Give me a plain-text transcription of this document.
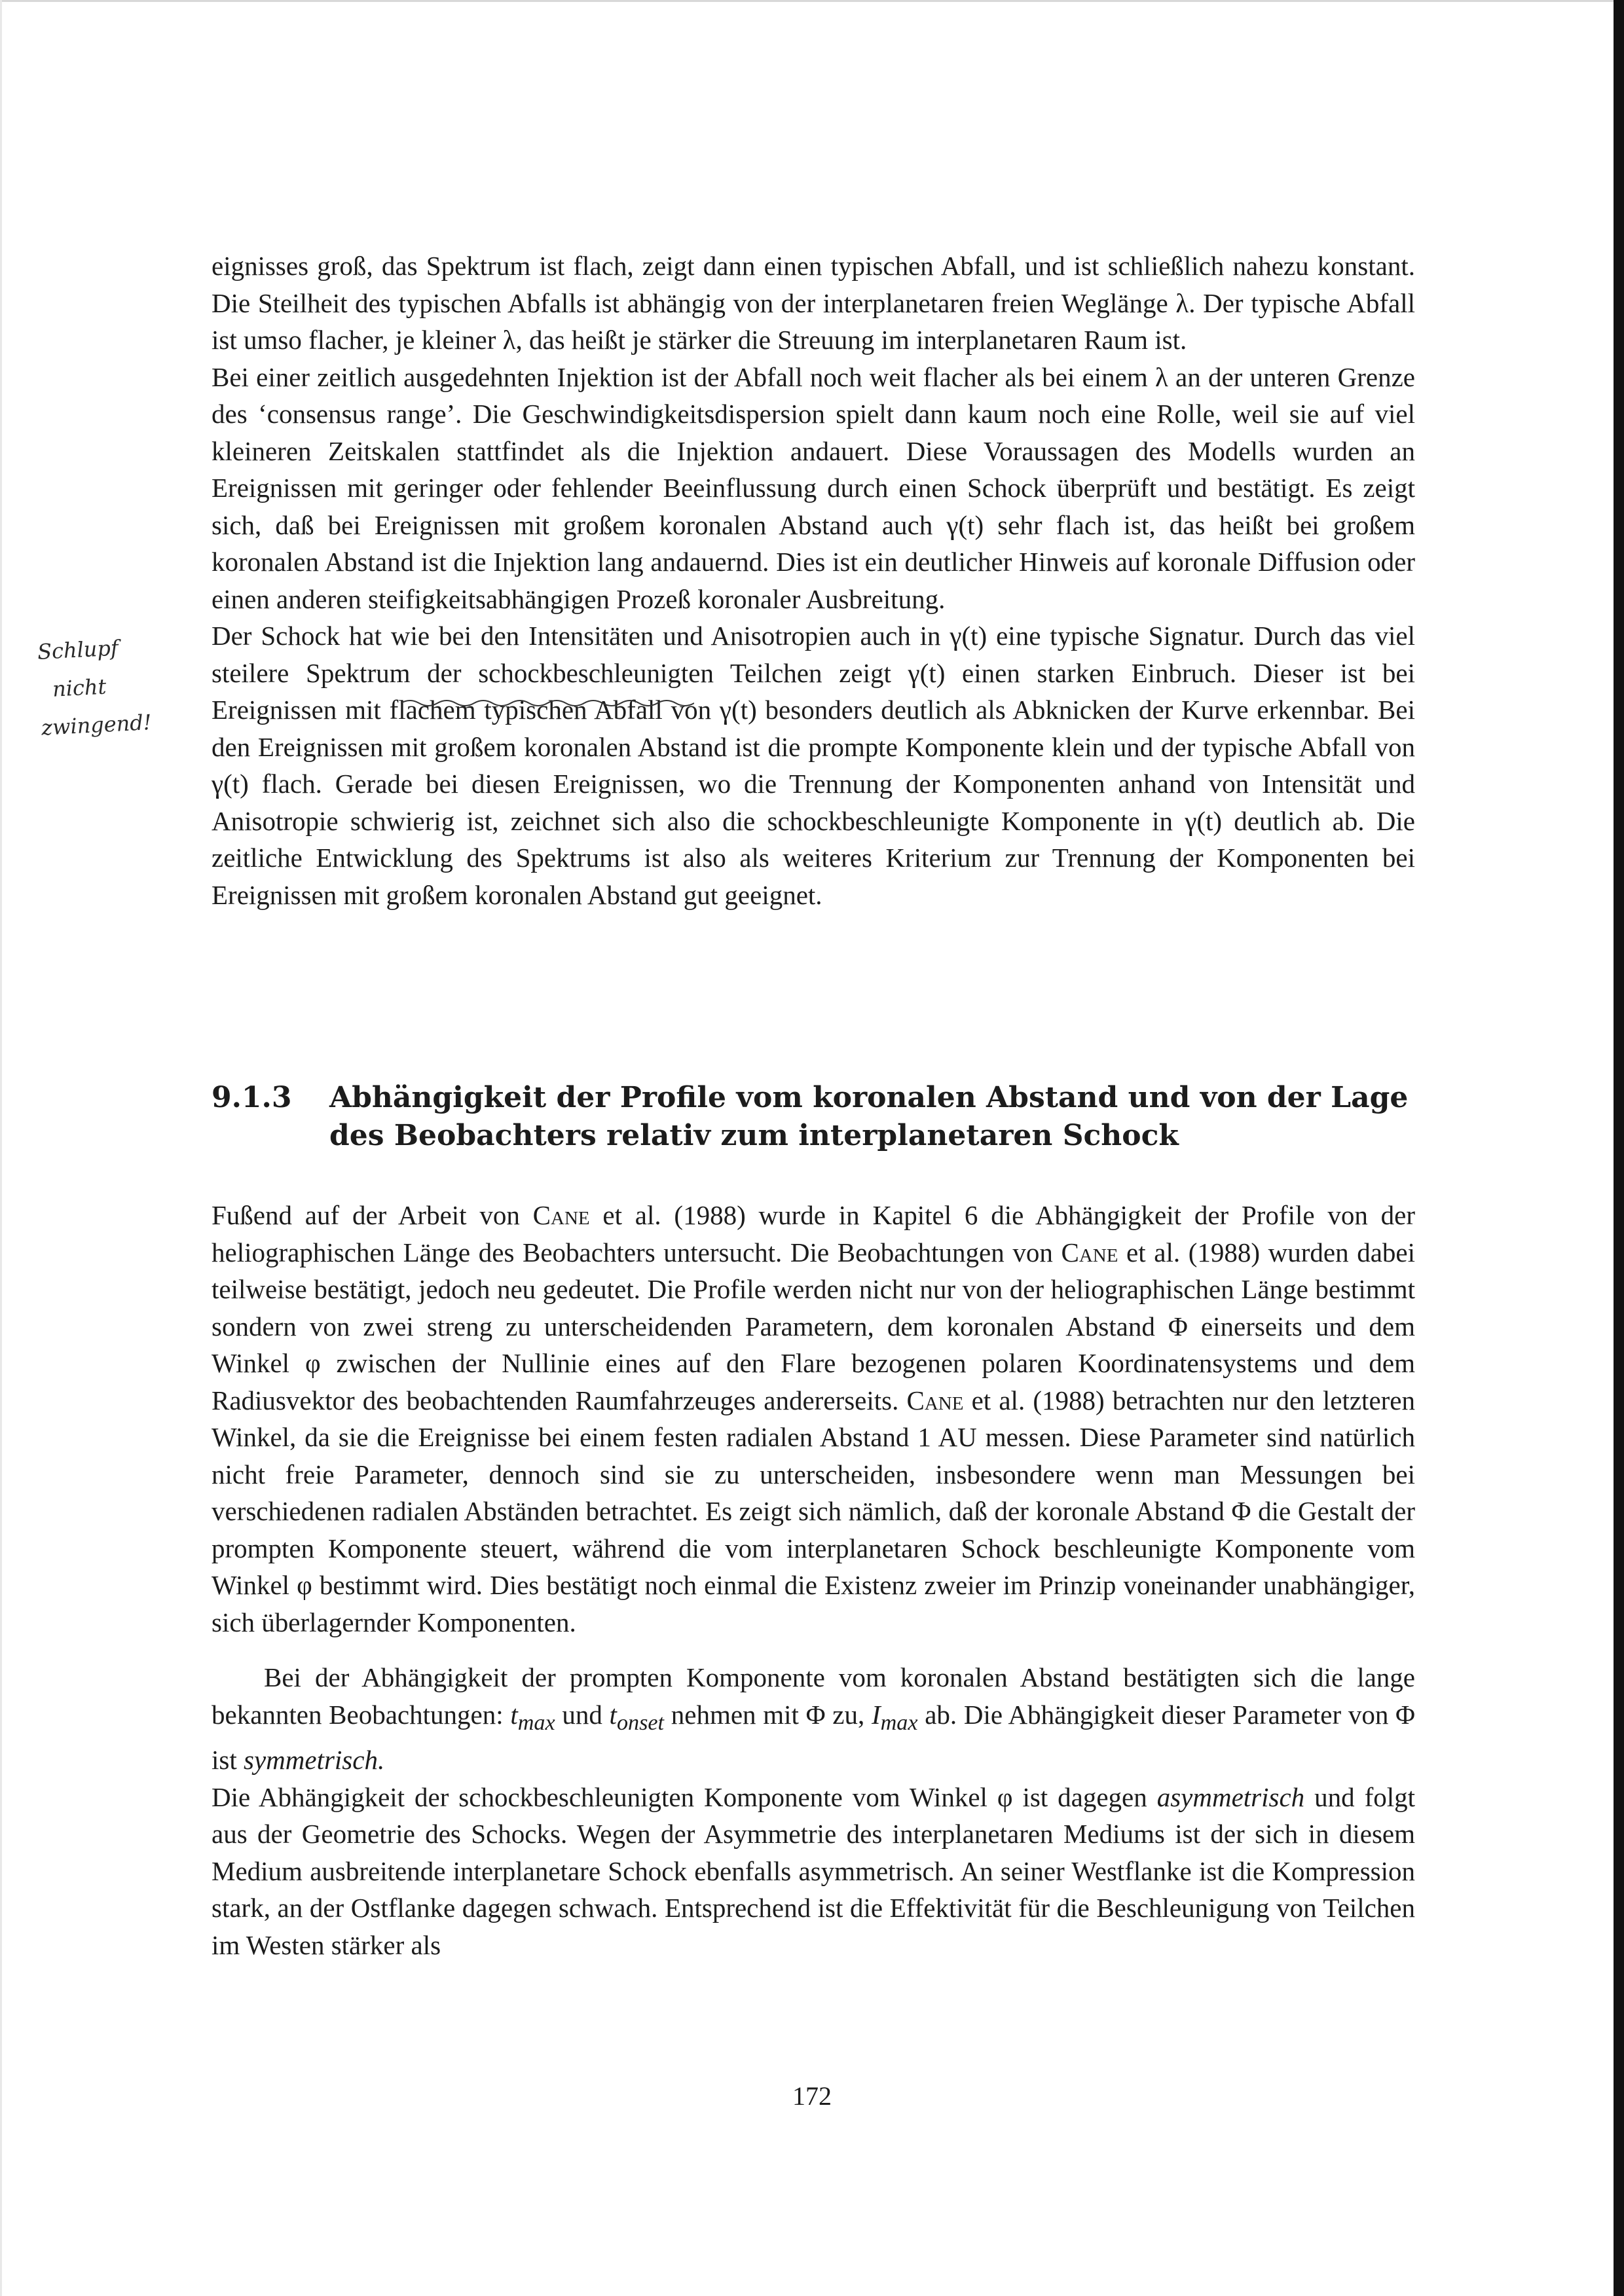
eignisses groß, das Spektrum ist flach, zeigt dann einen typischen Abfall, und ist schließlich nahezu konstant. Die Steilheit des typischen Abfalls ist abhängig von der interplanetaren freien Weglänge λ. Der typische Abfall ist umso flacher, je kleiner λ, das heißt je stärker die Streuung im interplanetaren Raum ist.

Bei einer zeitlich ausgedehnten Injektion ist der Abfall noch weit flacher als bei einem λ an der unteren Grenze des ‘consensus range’. Die Geschwindigkeitsdispersion spielt dann kaum noch eine Rolle, weil sie auf viel kleineren Zeitskalen stattfindet als die Injektion andauert. Diese Voraussagen des Modells wurden an Ereignissen mit geringer oder fehlender Beeinflussung durch einen Schock überprüft und bestätigt. Es zeigt sich, daß bei Ereignissen mit großem koronalen Abstand auch γ(t) sehr flach ist, das heißt bei großem koronalen Abstand ist die Injektion lang andauernd. Dies ist ein deutlicher Hinweis auf koronale Diffusion oder einen anderen steifigkeitsabhängigen Prozeß koronaler Ausbreitung.

Der Schock hat wie bei den Intensitäten und Anisotropien auch in γ(t) eine typische Signatur. Durch das viel steilere Spektrum der schockbeschleunigten Teilchen zeigt γ(t) einen starken Einbruch. Dieser ist bei Ereignissen mit flachem typischen Abfall von γ(t) besonders deutlich als Abknicken der Kurve erkennbar. Bei den Ereignissen mit großem koronalen Abstand ist die prompte Komponente klein und der typische Abfall von γ(t) flach. Gerade bei diesen Ereignissen, wo die Trennung der Komponenten anhand von Intensität und Anisotropie schwierig ist, zeichnet sich also die schockbeschleunigte Komponente in γ(t) deutlich ab. Die zeitliche Entwicklung des Spektrums ist also als weiteres Kriterium zur Trennung der Komponenten bei Ereignissen mit großem koronalen Abstand gut geeignet.

Schlupf
nicht
zwingend!
9.1.3 Abhängigkeit der Profile vom koronalen Abstand und von der Lage des Beobachters relativ zum interplanetaren Schock

Fußend auf der Arbeit von Cane et al. (1988) wurde in Kapitel 6 die Abhängigkeit der Profile von der heliographischen Länge des Beobachters untersucht. Die Beobachtungen von Cane et al. (1988) wurden dabei teilweise bestätigt, jedoch neu gedeutet. Die Profile werden nicht nur von der heliographischen Länge bestimmt sondern von zwei streng zu unterscheidenden Parametern, dem koronalen Abstand Φ einerseits und dem Winkel φ zwischen der Nullinie eines auf den Flare bezogenen polaren Koordinatensystems und dem Radiusvektor des beobachtenden Raumfahrzeuges andererseits. Cane et al. (1988) betrachten nur den letzteren Winkel, da sie die Ereignisse bei einem festen radialen Abstand 1 AU messen. Diese Parameter sind natürlich nicht freie Parameter, dennoch sind sie zu unterscheiden, insbesondere wenn man Messungen bei verschiedenen radialen Abständen betrachtet. Es zeigt sich nämlich, daß der koronale Abstand Φ die Gestalt der prompten Komponente steuert, während die vom interplanetaren Schock beschleunigte Komponente vom Winkel φ bestimmt wird. Dies bestätigt noch einmal die Existenz zweier im Prinzip voneinander unabhängiger, sich überlagernder Komponenten.

Bei der Abhängigkeit der prompten Komponente vom koronalen Abstand bestätigten sich die lange bekannten Beobachtungen: $t_{max}$ und $t_{onset}$ nehmen mit Φ zu, $I_{max}$ ab. Die Abhängigkeit dieser Parameter von Φ ist symmetrisch.

Die Abhängigkeit der schockbeschleunigten Komponente vom Winkel φ ist dagegen asymmetrisch und folgt aus der Geometrie des Schocks. Wegen der Asymmetrie des interplanetaren Mediums ist der sich in diesem Medium ausbreitende interplanetare Schock ebenfalls asymmetrisch. An seiner Westflanke ist die Kompression stark, an der Ostflanke dagegen schwach. Entsprechend ist die Effektivität für die Beschleunigung von Teilchen im Westen stärker als

172
